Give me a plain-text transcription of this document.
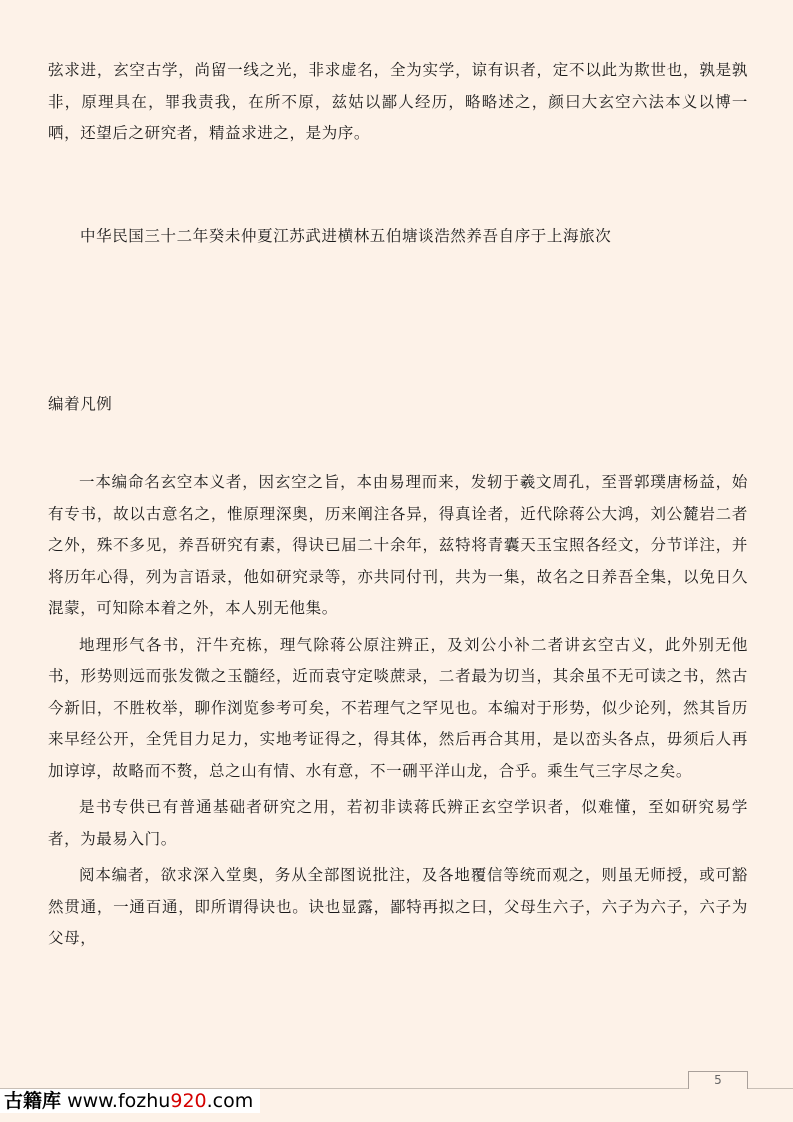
弦求进，玄空古学，尚留一线之光，非求虚名，全为实学，谅有识者，定不以此为欺世也，孰是孰非，原理具在，罪我责我，在所不原，兹姑以鄙人经历，略略述之，颜曰大玄空六法本义以博一哂，还望后之研究者，精益求进之，是为序。

中华民国三十二年癸未仲夏江苏武进横林五伯塘谈浩然养吾自序于上海旅次
编着凡例

一本编命名玄空本义者，因玄空之旨，本由易理而来，发轫于羲文周孔，至晋郭璞唐杨益，始有专书，故以古意名之，惟原理深奥，历来阐注各异，得真诠者，近代除蒋公大鸿，刘公麓岩二者之外，殊不多见，养吾研究有素，得诀已届二十余年，兹特将青囊天玉宝照各经文，分节详注，并将历年心得，列为言语录，他如研究录等，亦共同付刊，共为一集，故名之日养吾全集，以免日久混蒙，可知除本着之外，本人别无他集。

地理形气各书，汗牛充栋，理气除蒋公原注辨正，及刘公小补二者讲玄空古义，此外别无他书，形势则远而张发微之玉髓经，近而袁守定啖蔗录，二者最为切当，其余虽不无可读之书，然古今新旧，不胜枚举，聊作浏览参考可矣，不若理气之罕见也。本编对于形势，似少论列，然其旨历来早经公开，全凭目力足力，实地考证得之，得其体，然后再合其用，是以峦头各点，毋须后人再加谆谆，故略而不赘，总之山有情、水有意，不一硎平洋山龙，合乎。乘生气三字尽之矣。

是书专供已有普通基础者研究之用，若初非读蒋氏辨正玄空学识者，似难懂，至如研究易学者，为最易入门。

阅本编者，欲求深入堂奥，务从全部图说批注，及各地覆信等统而观之，则虽无师授，或可豁然贯通，一通百通，即所谓得诀也。诀也显露，鄙特再拟之曰，父母生六子，六子为六子，六子为父母，

5
古籍库 www.fozhu920.com
